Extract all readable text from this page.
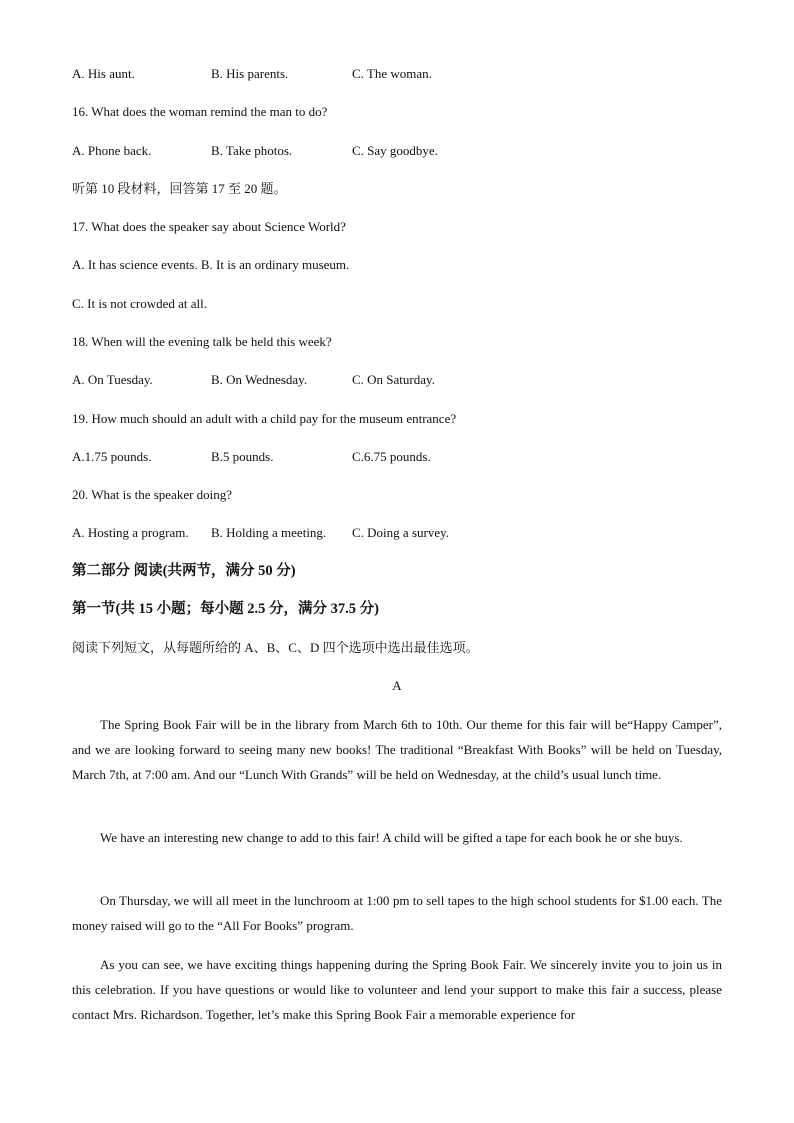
A. His aunt.	B. His parents.	C. The woman.
16. What does the woman remind the man to do?
A. Phone back.	B. Take photos.	C. Say goodbye.
听第 10 段材料，回答第 17 至 20 题。
17. What does the speaker say about Science World?
A. It has science events. B. It is an ordinary museum.
C. It is not crowded at all.
18. When will the evening talk be held this week?
A. On Tuesday.	B. On Wednesday.	C. On Saturday.
19. How much should an adult with a child pay for the museum entrance?
A.1.75 pounds.	B.5 pounds.	C.6.75 pounds.
20. What is the speaker doing?
A. Hosting a program. B. Holding a meeting. C. Doing a survey.
第二部分 阅读(共两节，满分 50 分)
第一节(共 15 小题；每小题 2.5 分，满分 37.5 分)
阅读下列短文，从每题所给的 A、B、C、D 四个选项中选出最佳选项。
A
The Spring Book Fair will be in the library from March 6th to 10th. Our theme for this fair will be“Happy Camper”, and we are looking forward to seeing many new books! The traditional “Breakfast With Books” will be held on Tuesday, March 7th, at 7:00 am. And our “Lunch With Grands” will be held on Wednesday, at the child’s usual lunch time.
We have an interesting new change to add to this fair! A child will be gifted a tape for each book he or she buys.
On Thursday, we will all meet in the lunchroom at 1:00 pm to sell tapes to the high school students for $1.00 each. The money raised will go to the “All For Books” program.
As you can see, we have exciting things happening during the Spring Book Fair. We sincerely invite you to join us in this celebration. If you have questions or would like to volunteer and lend your support to make this fair a success, please contact Mrs. Richardson. Together, let’s make this Spring Book Fair a memorable experience for
